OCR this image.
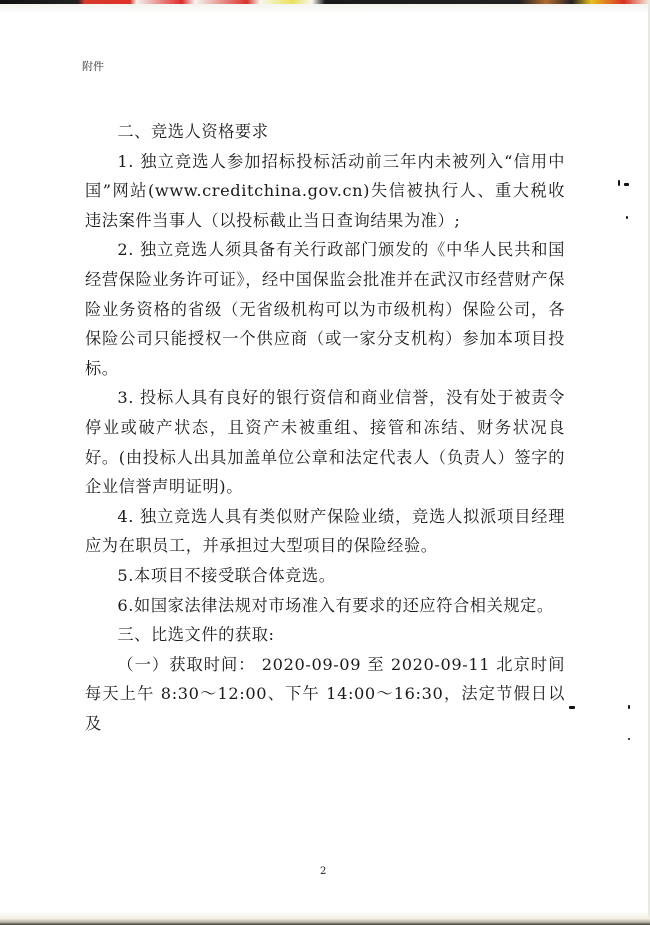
附件

二、竞选人资格要求

1. 独立竞选人参加招标投标活动前三年内未被列入“信用中国”网站(www.creditchina.gov.cn)失信被执行人、重大税收违法案件当事人（以投标截止当日查询结果为准）;

2. 独立竞选人须具备有关行政部门颁发的《中华人民共和国经营保险业务许可证》，经中国保监会批准并在武汉市经营财产保险业务资格的省级（无省级机构可以为市级机构）保险公司，各保险公司只能授权一个供应商（或一家分支机构）参加本项目投标。

3. 投标人具有良好的银行资信和商业信誉，没有处于被责令停业或破产状态，且资产未被重组、接管和冻结、财务状况良好。(由投标人出具加盖单位公章和法定代表人（负责人）签字的企业信誉声明证明)。

4. 独立竞选人具有类似财产保险业绩，竞选人拟派项目经理应为在职员工，并承担过大型项目的保险经验。

5.本项目不接受联合体竞选。

6.如国家法律法规对市场准入有要求的还应符合相关规定。

三、比选文件的获取:

（一）获取时间： 2020-09-09 至 2020-09-11 北京时间每天上午 8:30～12:00、下午 14:00～16:30，法定节假日以及

2
